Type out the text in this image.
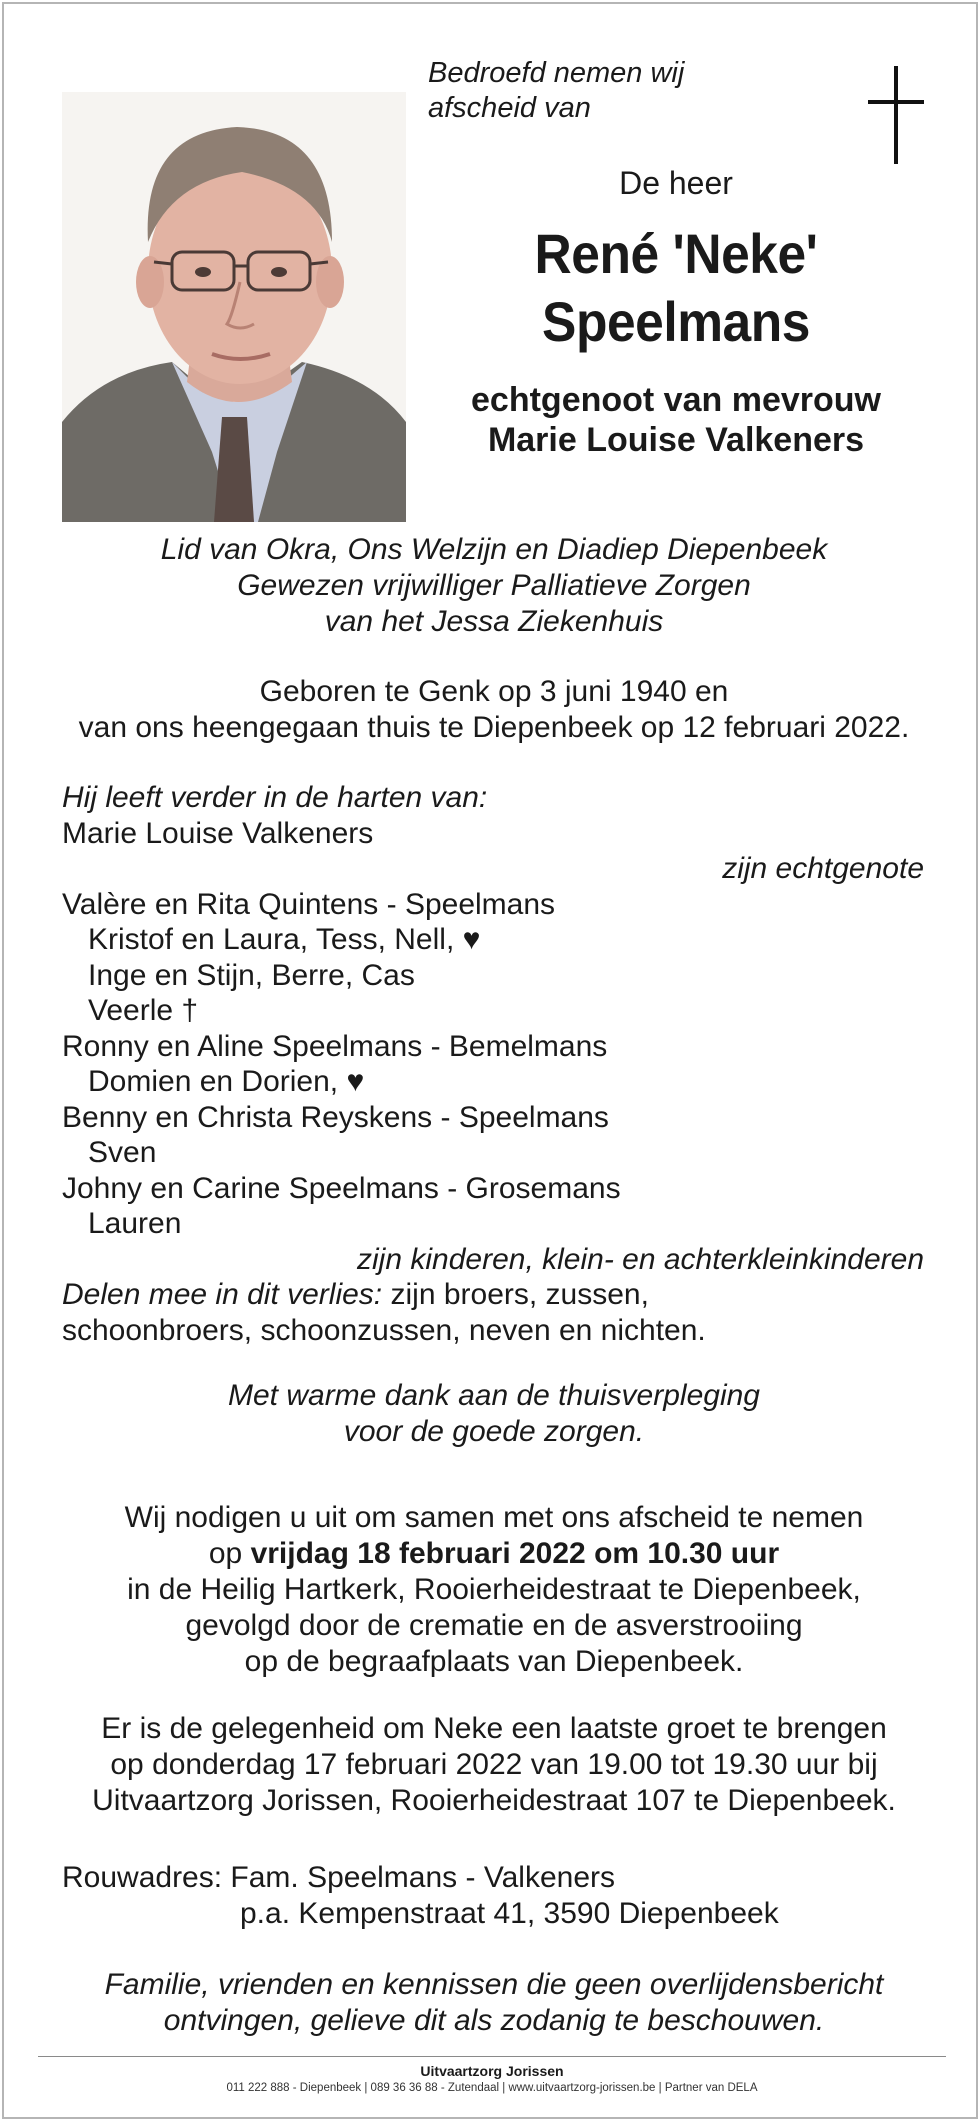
Bedroefd nemen wij
afscheid van
De heer
René 'Neke'
Speelmans
echtgenoot van mevrouw
Marie Louise Valkeners
Lid van Okra, Ons Welzijn en Diadiep Diepenbeek
Gewezen vrijwilliger Palliatieve Zorgen
van het Jessa Ziekenhuis
Geboren te Genk op 3 juni 1940 en
van ons heengegaan thuis te Diepenbeek op 12 februari 2022.
Hij leeft verder in de harten van:
Marie Louise Valkeners
zijn echtgenote
Valère en Rita Quintens - Speelmans
Kristof en Laura, Tess, Nell, ♥
Inge en Stijn, Berre, Cas
Veerle †
Ronny en Aline Speelmans - Bemelmans
Domien en Dorien, ♥
Benny en Christa Reyskens - Speelmans
Sven
Johny en Carine Speelmans - Grosemans
Lauren
zijn kinderen, klein- en achterkleinkinderen
Delen mee in dit verlies: zijn broers, zussen,
schoonbroers, schoonzussen, neven en nichten.
Met warme dank aan de thuisverpleging
voor de goede zorgen.
Wij nodigen u uit om samen met ons afscheid te nemen
op vrijdag 18 februari 2022 om 10.30 uur
in de Heilig Hartkerk, Rooierheidestraat te Diepenbeek,
gevolgd door de crematie en de asverstrooiing
op de begraafplaats van Diepenbeek.
Er is de gelegenheid om Neke een laatste groet te brengen
op donderdag 17 februari 2022 van 19.00 tot 19.30 uur bij
Uitvaartzorg Jorissen, Rooierheidestraat 107 te Diepenbeek.
Rouwadres: Fam. Speelmans - Valkeners
p.a. Kempenstraat 41, 3590 Diepenbeek
Familie, vrienden en kennissen die geen overlijdensbericht
ontvingen, gelieve dit als zodanig te beschouwen.
Uitvaartzorg Jorissen
011 222 888 - Diepenbeek | 089 36 36 88 - Zutendaal | www.uitvaartzorg-jorissen.be | Partner van DELA
